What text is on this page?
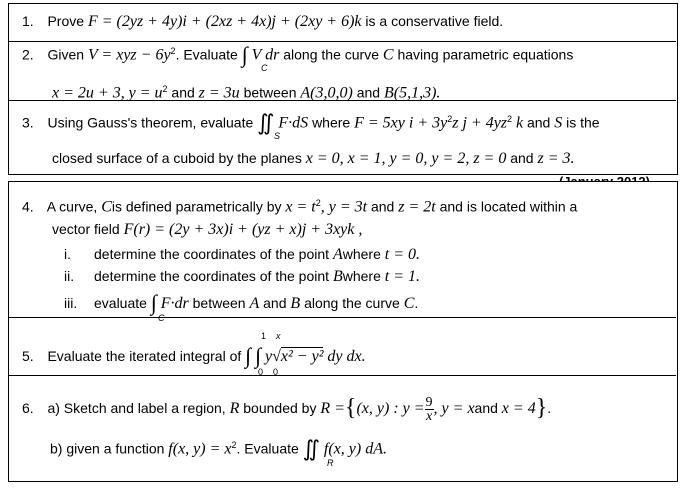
1. Prove F = (2yz + 4y)i + (2xz + 4x)j + (2xy + 6)k is a conservative field.
2. Given V = xyz − $6y^2$. Evaluate ∫ V dr along the curve C having parametric equations
C
x = 2u + 3, $y = u^2$ and z = 3u between A(3,0,0) and B(5,1,3).
3. Using Gauss's theorem, evaluate ∬ F·dS where F = 5xy $i + 3y^2z$ $j + 4yz^2$ k and S is the
S
closed surface of a cuboid by the planes x = 0, x = 1, y = 0, y = 2, z = 0 and z = 3.
4. A curve, Cis defined parametrically by $x = t^2$, y = 3t and z = 2t and is located within a
vector field F(r) = (2y + 3x)i + (yz + x)j + 3xyk ,
i. determine the coordinates of the point Awhere t = 0.
ii. determine the coordinates of the point Bwhere t = 1.
iii. evaluate ∫ F·dr between A and B along the curve C.
C
5. Evaluate the iterated integral of ∫ ∫ y√x² − y² dy dx.
1
0
x
0
6. a) Sketch and label a region, R bounded by R ={(x, y) : $y = \frac{9}{x}$ , y = xand x = 4}.
b) given a function f(x, $y) = x^2$. Evaluate ∬ f(x, y) dA.
R
